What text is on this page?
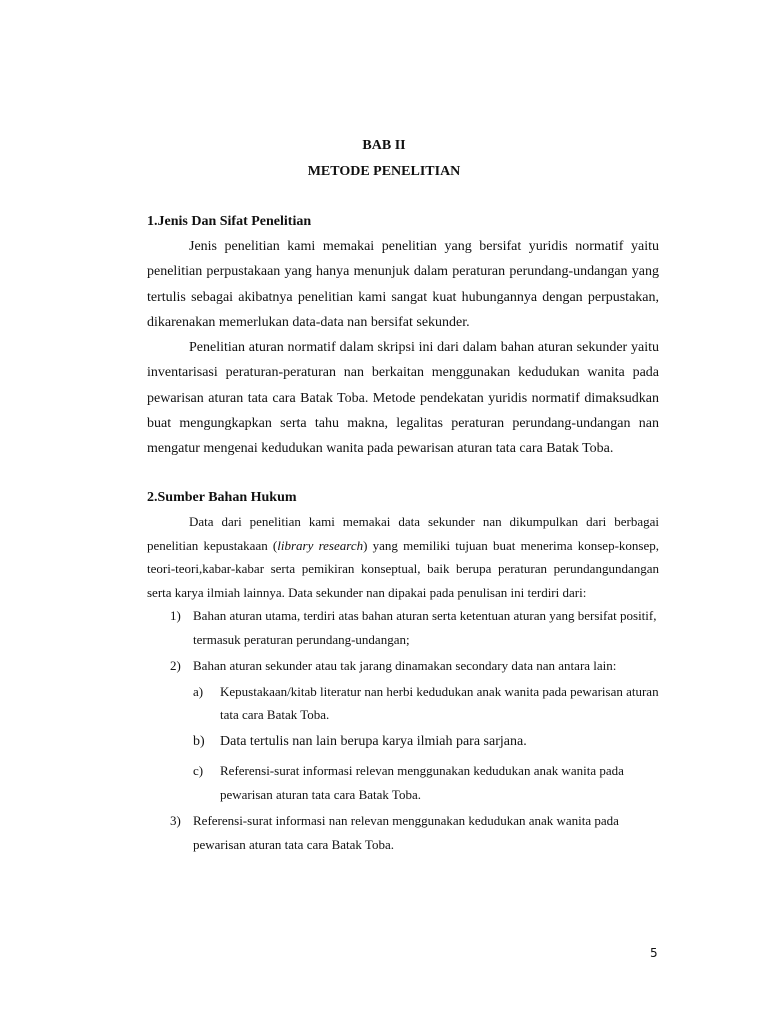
BAB II
METODE PENELITIAN
1.Jenis Dan Sifat Penelitian

Jenis penelitian kami memakai penelitian yang bersifat yuridis normatif yaitu penelitian perpustakaan yang hanya menunjuk dalam peraturan perundang-undangan yang tertulis sebagai akibatnya penelitian kami sangat kuat hubungannya dengan perpustakan, dikarenakan memerlukan data-data nan bersifat sekunder.

Penelitian aturan normatif dalam skripsi ini dari dalam bahan aturan sekunder yaitu inventarisasi peraturan-peraturan nan berkaitan menggunakan kedudukan wanita pada pewarisan aturan tata cara Batak Toba. Metode pendekatan yuridis normatif dimaksudkan buat mengungkapkan serta tahu makna, legalitas peraturan perundang-undangan nan mengatur mengenai kedudukan wanita pada pewarisan aturan tata cara Batak Toba.

2.Sumber Bahan Hukum

Data dari penelitian kami memakai data sekunder nan dikumpulkan dari berbagai penelitian kepustakaan (library research) yang memiliki tujuan buat menerima konsep-konsep, teori-teori,kabar-kabar serta pemikiran konseptual, baik berupa peraturan perundangundangan serta karya ilmiah lainnya. Data sekunder nan dipakai pada penulisan ini terdiri dari:

1) Bahan aturan utama, terdiri atas bahan aturan serta ketentuan aturan yang bersifat positif, termasuk peraturan perundang-undangan;
2) Bahan aturan sekunder atau tak jarang dinamakan secondary data nan antara lain:
a) Kepustakaan/kitab literatur nan herbi kedudukan anak wanita pada pewarisan aturan tata cara Batak Toba.
b) Data tertulis nan lain berupa karya ilmiah para sarjana.
c) Referensi-surat informasi relevan menggunakan kedudukan anak wanita pada pewarisan aturan tata cara Batak Toba.
3) Referensi-surat informasi nan relevan menggunakan kedudukan anak wanita pada pewarisan aturan tata cara Batak Toba.
5
